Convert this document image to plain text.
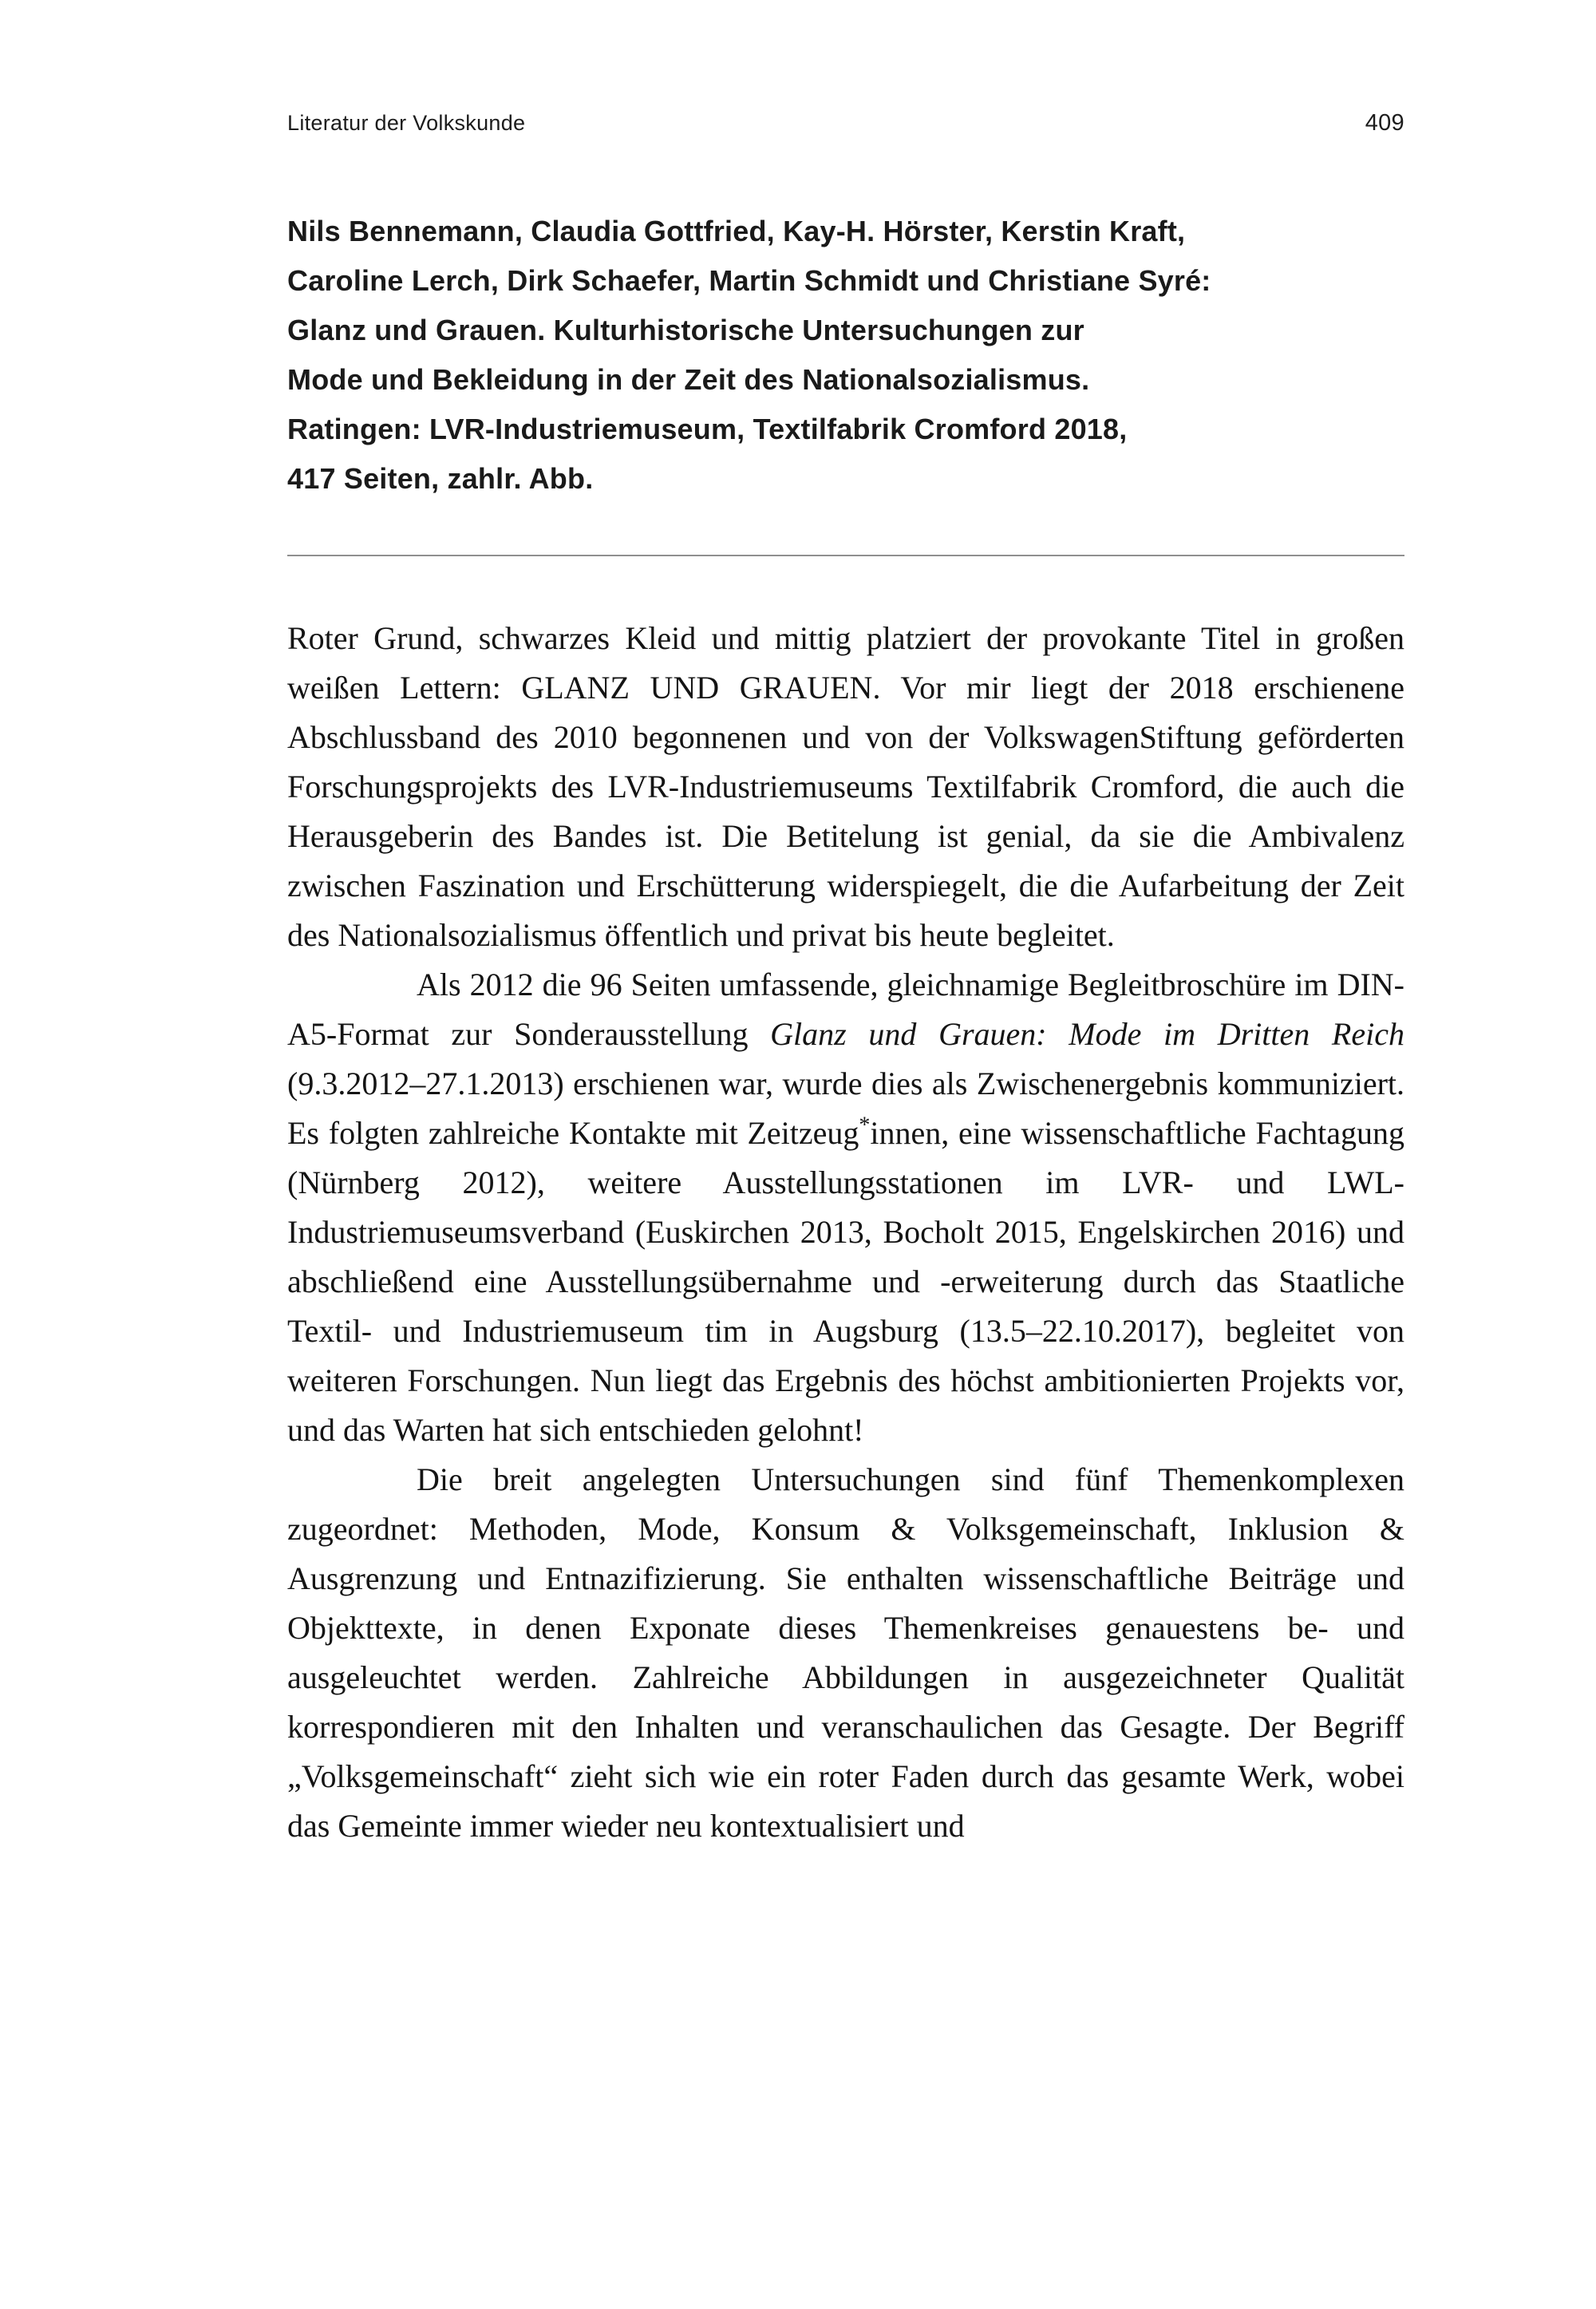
Literatur der Volkskunde	409
Nils Bennemann, Claudia Gottfried, Kay-H. Hörster, Kerstin Kraft,
Caroline Lerch, Dirk Schaefer, Martin Schmidt und Christiane Syré:
Glanz und Grauen. Kulturhistorische Untersuchungen zur
Mode und Bekleidung in der Zeit des Nationalsozialismus.
Ratingen: LVR-Industriemuseum, Textilfabrik Cromford 2018,
417 Seiten, zahlr. Abb.

Roter Grund, schwarzes Kleid und mittig platziert der provokante Titel in großen weißen Lettern: GLANZ UND GRAUEN. Vor mir liegt der 2018 erschienene Abschlussband des 2010 begonnenen und von der VolkswagenStiftung geförderten Forschungsprojekts des LVR-Industriemuseums Textilfabrik Cromford, die auch die Herausgeberin des Bandes ist. Die Betitelung ist genial, da sie die Ambivalenz zwischen Faszination und Erschütterung widerspiegelt, die die Aufarbeitung der Zeit des Nationalsozialismus öffentlich und privat bis heute begleitet.

Als 2012 die 96 Seiten umfassende, gleichnamige Begleitbroschüre im DIN-A5-Format zur Sonderausstellung Glanz und Grauen: Mode im Dritten Reich (9.3.2012–27.1.2013) erschienen war, wurde dies als Zwischenergebnis kommuniziert. Es folgten zahlreiche Kontakte mit Zeitzeug*innen, eine wissenschaftliche Fachtagung (Nürnberg 2012), weitere Ausstellungsstationen im LVR- und LWL-Industriemuseumsverband (Euskirchen 2013, Bocholt 2015, Engelskirchen 2016) und abschließend eine Ausstellungsübernahme und -erweiterung durch das Staatliche Textil- und Industriemuseum tim in Augsburg (13.5–22.10.2017), begleitet von weiteren Forschungen. Nun liegt das Ergebnis des höchst ambitionierten Projekts vor, und das Warten hat sich entschieden gelohnt!

Die breit angelegten Untersuchungen sind fünf Themenkomplexen zugeordnet: Methoden, Mode, Konsum & Volksgemeinschaft, Inklusion & Ausgrenzung und Entnazifizierung. Sie enthalten wissenschaftliche Beiträge und Objekttexte, in denen Exponate dieses Themenkreises genauestens be- und ausgeleuchtet werden. Zahlreiche Abbildungen in ausgezeichneter Qualität korrespondieren mit den Inhalten und veranschaulichen das Gesagte. Der Begriff „Volksgemeinschaft“ zieht sich wie ein roter Faden durch das gesamte Werk, wobei das Gemeinte immer wieder neu kontextualisiert und
